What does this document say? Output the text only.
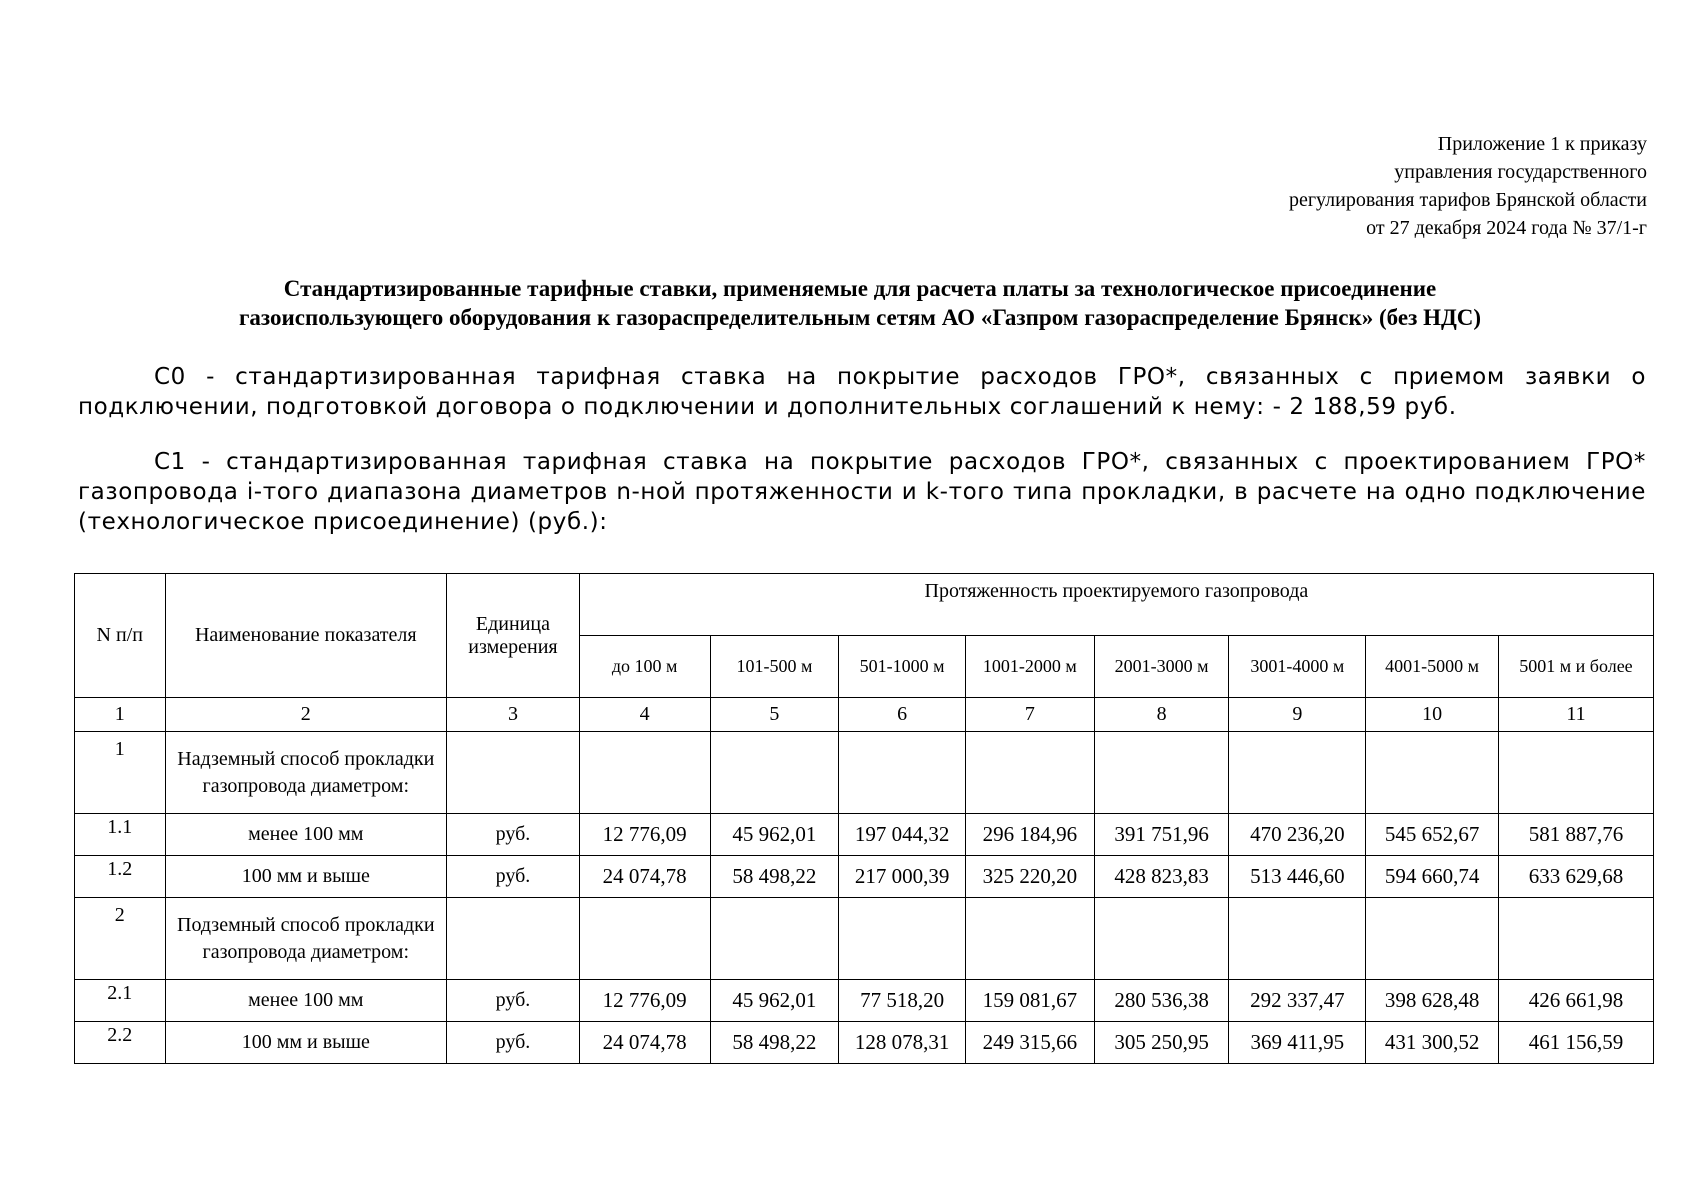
Приложение 1 к приказу
управления государственного
регулирования тарифов Брянской области
от 27 декабря 2024 года № 37/1-г
Стандартизированные тарифные ставки, применяемые для расчета платы за технологическое присоединение
газоиспользующего оборудования к газораспределительным сетям АО «Газпром газораспределение Брянск» (без НДС)
С0 - стандартизированная тарифная ставка на покрытие расходов ГРО*, связанных с приемом заявки о подключении, подготовкой договора о подключении и дополнительных соглашений к нему: - 2 188,59 руб.
С1 - стандартизированная тарифная ставка на покрытие расходов ГРО*, связанных с проектированием ГРО* газопровода i-того диапазона диаметров n-ной протяженности и k-того типа прокладки, в расчете на одно подключение (технологическое присоединение) (руб.):
N п/п	Наименование показателя	Единица измерения	Протяженность проектируемого газопровода							
			до 100 м	101-500 м	501-1000 м	1001-2000 м	2001-3000 м	3001-4000 м	4001-5000 м	5001 м и более
1	2	3	4	5	6	7	8	9	10	11
1	Надземный способ прокладки газопровода диаметром:									
1.1	менее 100 мм	руб.	12 776,09	45 962,01	197 044,32	296 184,96	391 751,96	470 236,20	545 652,67	581 887,76
1.2	100 мм и выше	руб.	24 074,78	58 498,22	217 000,39	325 220,20	428 823,83	513 446,60	594 660,74	633 629,68
2	Подземный способ прокладки газопровода диаметром:									
2.1	менее 100 мм	руб.	12 776,09	45 962,01	77 518,20	159 081,67	280 536,38	292 337,47	398 628,48	426 661,98
2.2	100 мм и выше	руб.	24 074,78	58 498,22	128 078,31	249 315,66	305 250,95	369 411,95	431 300,52	461 156,59
